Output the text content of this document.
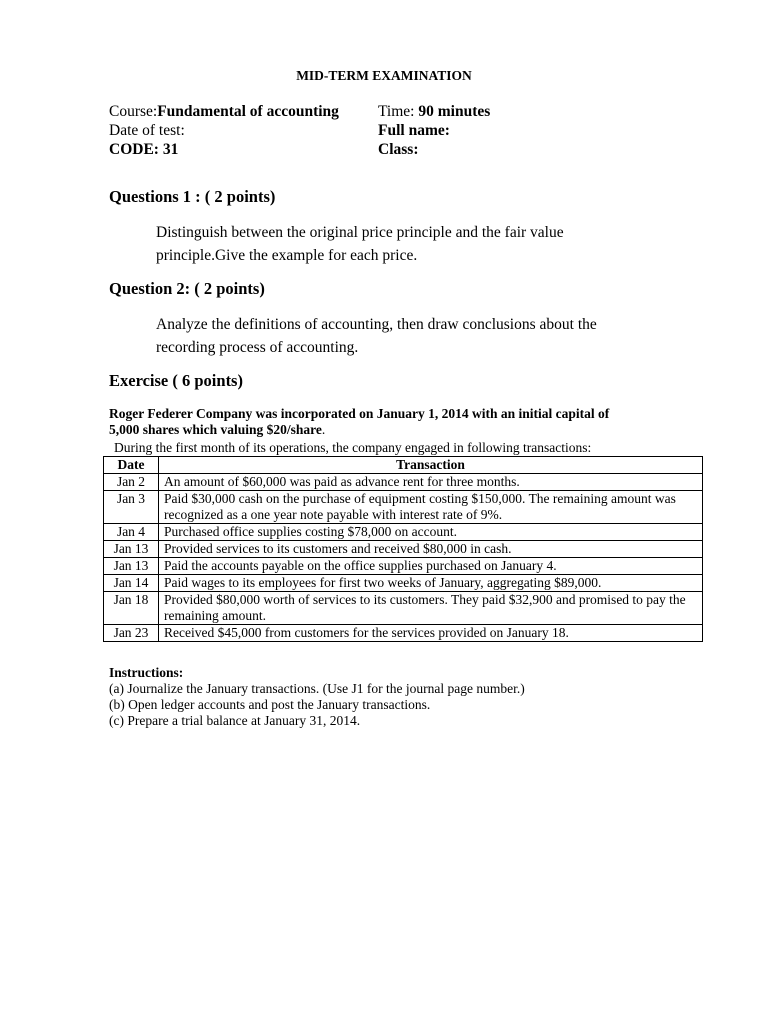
MID-TERM EXAMINATION
Course:Fundamental of accounting
Date of test:
CODE: 31
Time: 90 minutes
Full name:
Class:
Questions 1 : ( 2 points)
Distinguish between the original price principle and the fair value
principle.Give the example for each price.
Question 2: ( 2 points)
Analyze the definitions of accounting, then draw conclusions about the
recording process of accounting.
Exercise ( 6 points)
Roger Federer Company was incorporated on January 1, 2014 with an initial capital of
5,000 shares which valuing $20/share.
During the first month of its operations, the company engaged in following transactions:
Date	Transaction
Jan 2	An amount of $60,000 was paid as advance rent for three months.
Jan 3	Paid $30,000 cash on the purchase of equipment costing $150,000. The remaining amount was recognized as a one year note payable with interest rate of 9%.
Jan 4	Purchased office supplies costing $78,000 on account.
Jan 13	Provided services to its customers and received $80,000 in cash.
Jan 13	Paid the accounts payable on the office supplies purchased on January 4.
Jan 14	Paid wages to its employees for first two weeks of January, aggregating $89,000.
Jan 18	Provided $80,000 worth of services to its customers. They paid $32,900 and promised to pay the remaining amount.
Jan 23	Received $45,000 from customers for the services provided on January 18.
Instructions:
(a) Journalize the January transactions. (Use J1 for the journal page number.)
(b) Open ledger accounts and post the January transactions.
(c) Prepare a trial balance at January 31, 2014.
